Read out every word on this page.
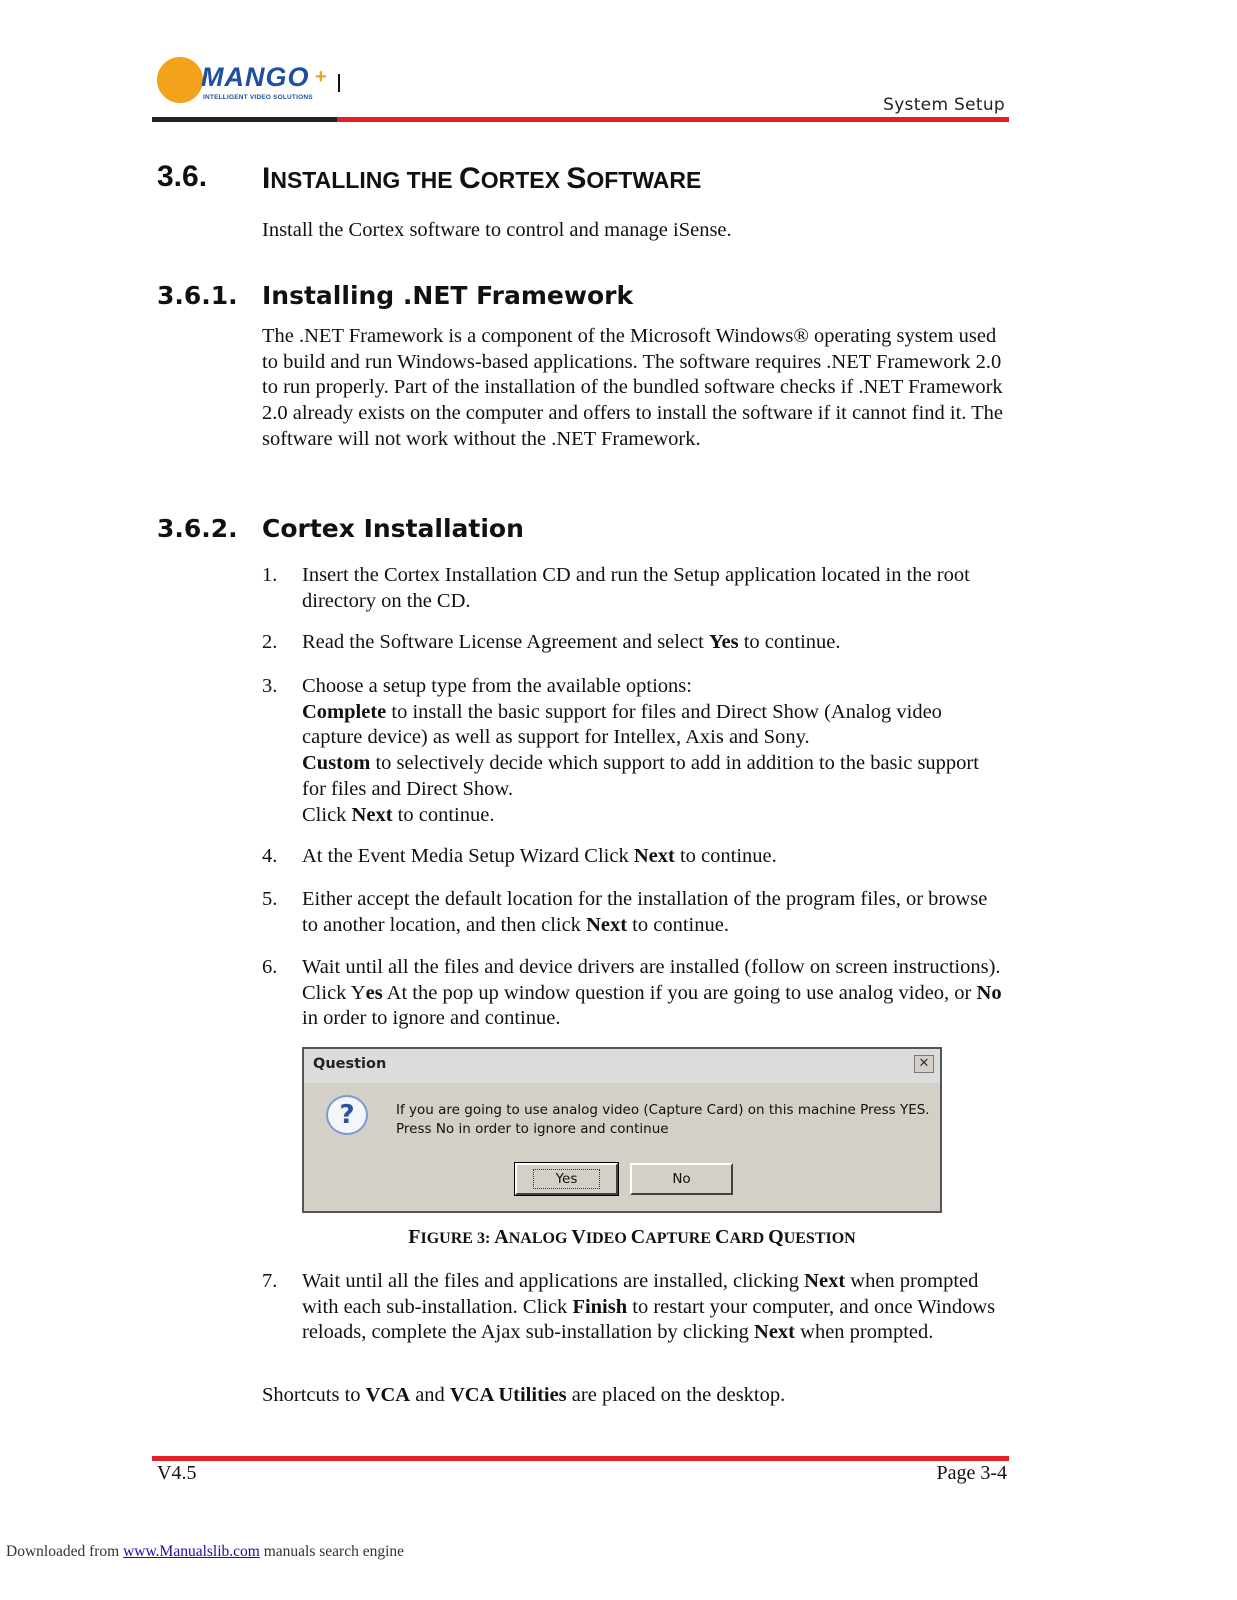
MANGO +
INTELLIGENT VIDEO SOLUTIONS	System Setup
3.6. INSTALLING THE CORTEX SOFTWARE
Install the Cortex software to control and manage iSense.
3.6.1. Installing .NET Framework
The .NET Framework is a component of the Microsoft Windows® operating system used to build and run Windows-based applications. The software requires .NET Framework 2.0 to run properly. Part of the installation of the bundled software checks if .NET Framework 2.0 already exists on the computer and offers to install the software if it cannot find it. The software will not work without the .NET Framework.
3.6.2. Cortex Installation
1.	Insert the Cortex Installation CD and run the Setup application located in the root directory on the CD.
2.	Read the Software License Agreement and select Yes to continue.
3.	Choose a setup type from the available options:
Complete to install the basic support for files and Direct Show (Analog video capture device) as well as support for Intellex, Axis and Sony.
Custom to selectively decide which support to add in addition to the basic support for files and Direct Show.
Click Next to continue.
4.	At the Event Media Setup Wizard Click Next to continue.
5.	Either accept the default location for the installation of the program files, or browse to another location, and then click Next to continue.
6.	Wait until all the files and device drivers are installed (follow on screen instructions). Click Yes At the pop up window question if you are going to use analog video, or No in order to ignore and continue.
Question	✕
?	If you are going to use analog video (Capture Card) on this machine Press YES.
Press No in order to ignore and continue
Yes	No
FIGURE 3: ANALOG VIDEO CAPTURE CARD QUESTION
7.	Wait until all the files and applications are installed, clicking Next when prompted with each sub-installation. Click Finish to restart your computer, and once Windows reloads, complete the Ajax sub-installation by clicking Next when prompted.
Shortcuts to VCA and VCA Utilities are placed on the desktop.
V4.5	Page 3-4
Downloaded from www.Manualslib.com manuals search engine
